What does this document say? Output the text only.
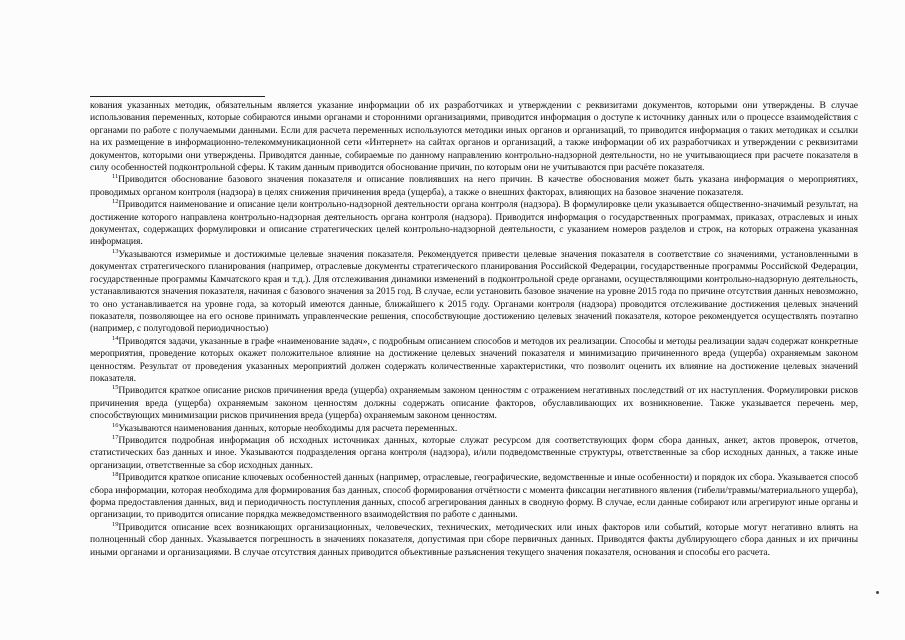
кования указанных методик, обязательным является указание информации об их разработчиках и утверждении с реквизитами документов, которыми они утверждены. В случае использования переменных, которые собираются иными органами и сторонними организациями, приводится информация о доступе к источнику данных или о процессе взаимодействия с органами по работе с получаемыми данными. Если для расчета переменных используются методики иных органов и организаций, то приводится информация о таких методиках и ссылки на их размещение в информационно-телекоммуникационной сети «Интернет» на сайтах органов и организаций, а также информации об их разработчиках и утверждении с реквизитами документов, которыми они утверждены. Приводятся данные, собираемые по данному направлению контрольно-надзорной деятельности, но не учитывающиеся при расчете показателя в силу особенностей подконтрольной сферы. К таким данным приводится обоснование причин, по которым они не учитываются при расчёте показателя.

$^{11}$Приводится обоснование базового значения показателя и описание повлиявших на него причин. В качестве обоснования может быть указана информация о мероприятиях, проводимых органом контроля (надзора) в целях снижения причинения вреда (ущерба), а также о внешних факторах, влияющих на базовое значение показателя.

$^{12}$Приводится наименование и описание цели контрольно-надзорной деятельности органа контроля (надзора). В формулировке цели указывается общественно-значимый результат, на достижение которого направлена контрольно-надзорная деятельность органа контроля (надзора). Приводится информация о государственных программах, приказах, отраслевых и иных документах, содержащих формулировки и описание стратегических целей контрольно-надзорной деятельности, с указанием номеров разделов и строк, на которых отражена указанная информация.

$^{13}$Указываются измеримые и достижимые целевые значения показателя. Рекомендуется привести целевые значения показателя в соответствие со значениями, установленными в документах стратегического планирования (например, отраслевые документы стратегического планирования Российской Федерации, государственные программы Российской Федерации, государственные программы Камчатского края и т.д.). Для отслеживания динамики изменений в подконтрольной среде органами, осуществляющими контрольно-надзорную деятельность, устанавливаются значения показателя, начиная с базового значения за 2015 год. В случае, если установить базовое значение на уровне 2015 года по причине отсутствия данных невозможно, то оно устанавливается на уровне года, за который имеются данные, ближайшего к 2015 году. Органами контроля (надзора) проводится отслеживание достижения целевых значений показателя, позволяющее на его основе принимать управленческие решения, способствующие достижению целевых значений показателя, которое рекомендуется осуществлять поэтапно (например, с полугодовой периодичностью)

$^{14}$Приводятся задачи, указанные в графе «наименование задач», с подробным описанием способов и методов их реализации. Способы и методы реализации задач содержат конкретные мероприятия, проведение которых окажет положительное влияние на достижение целевых значений показателя и минимизацию причиненного вреда (ущерба) охраняемым законом ценностям. Результат от проведения указанных мероприятий должен содержать количественные характеристики, что позволит оценить их влияние на достижение целевых значений показателя.

$^{15}$Приводится краткое описание рисков причинения вреда (ущерба) охраняемым законом ценностям с отражением негативных последствий от их наступления. Формулировки рисков причинения вреда (ущерба) охраняемым законом ценностям должны содержать описание факторов, обуславливающих их возникновение. Также указывается перечень мер, способствующих минимизации рисков причинения вреда (ущерба) охраняемым законом ценностям.

$^{16}$Указываются наименования данных, которые необходимы для расчета переменных.

$^{17}$Приводится подробная информация об исходных источниках данных, которые служат ресурсом для соответствующих форм сбора данных, анкет, актов проверок, отчетов, статистических баз данных и иное. Указываются подразделения органа контроля (надзора), и/или подведомственные структуры, ответственные за сбор исходных данных, а также иные организации, ответственные за сбор исходных данных.

$^{18}$Приводится краткое описание ключевых особенностей данных (например, отраслевые, географические, ведомственные и иные особенности) и порядок их сбора. Указывается способ сбора информации, которая необходима для формирования баз данных, способ формирования отчётности с момента фиксации негативного явления (гибели/травмы/материального ущерба), форма предоставления данных, вид и периодичность поступления данных, способ агрегирования данных в сводную форму. В случае, если данные собирают или агрегируют иные органы и организации, то приводится описание порядка межведомственного взаимодействия по работе с данными.

$^{19}$Приводится описание всех возникающих организационных, человеческих, технических, методических или иных факторов или событий, которые могут негативно влиять на полноценный сбор данных. Указывается погрешность в значениях показателя, допустимая при сборе первичных данных. Приводятся факты дублирующего сбора данных и их причины иными органами и организациями. В случае отсутствия данных приводится объективные разъяснения текущего значения показателя, основания и способы его расчета.
